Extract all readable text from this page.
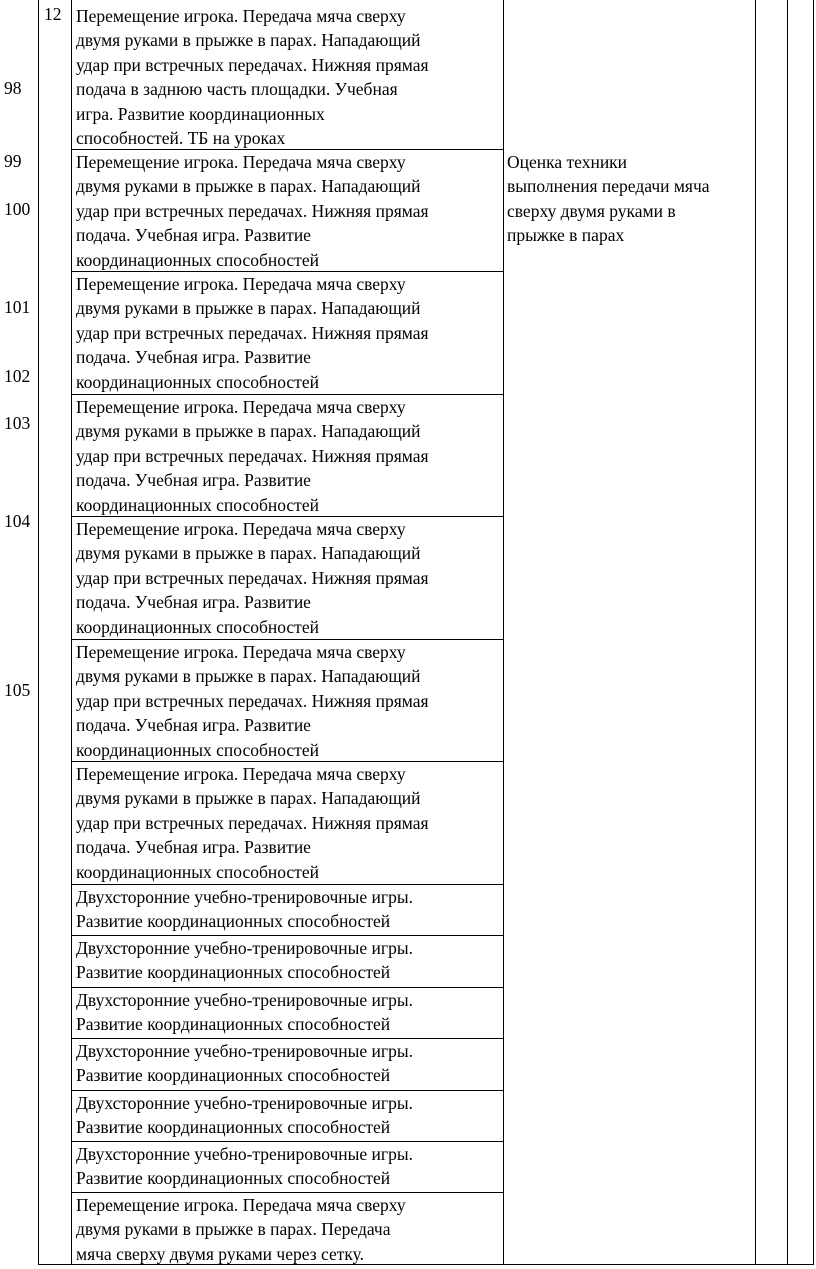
98
99
100
101
102
103
104
105
12 Перемещение игрока. Передача мяча сверху
двумя руками в прыжке в парах. Нападающий
удар при встречных передачах. Нижняя прямая
подача в заднюю часть площадки. Учебная
игра. Развитие координационных
способностей. ТБ на уроках
Перемещение игрока. Передача мяча сверху
двумя руками в прыжке в парах. Нападающий
удар при встречных передачах. Нижняя прямая
подача. Учебная игра. Развитие
координационных способностей
Оценка техники
выполнения передачи мяча
сверху двумя руками в
прыжке в парах
Перемещение игрока. Передача мяча сверху
двумя руками в прыжке в парах. Нападающий
удар при встречных передачах. Нижняя прямая
подача. Учебная игра. Развитие
координационных способностей
Перемещение игрока. Передача мяча сверху
двумя руками в прыжке в парах. Нападающий
удар при встречных передачах. Нижняя прямая
подача. Учебная игра. Развитие
координационных способностей
Перемещение игрока. Передача мяча сверху
двумя руками в прыжке в парах. Нападающий
удар при встречных передачах. Нижняя прямая
подача. Учебная игра. Развитие
координационных способностей
Перемещение игрока. Передача мяча сверху
двумя руками в прыжке в парах. Нападающий
удар при встречных передачах. Нижняя прямая
подача. Учебная игра. Развитие
координационных способностей
Перемещение игрока. Передача мяча сверху
двумя руками в прыжке в парах. Нападающий
удар при встречных передачах. Нижняя прямая
подача. Учебная игра. Развитие
координационных способностей
Двухсторонние учебно-тренировочные игры.
Развитие координационных способностей
Двухсторонние учебно-тренировочные игры.
Развитие координационных способностей
Двухсторонние учебно-тренировочные игры.
Развитие координационных способностей
Двухсторонние учебно-тренировочные игры.
Развитие координационных способностей
Двухсторонние учебно-тренировочные игры.
Развитие координационных способностей
Двухсторонние учебно-тренировочные игры.
Развитие координационных способностей
Перемещение игрока. Передача мяча сверху
двумя руками в прыжке в парах. Передача
мяча сверху двумя руками через сетку.
